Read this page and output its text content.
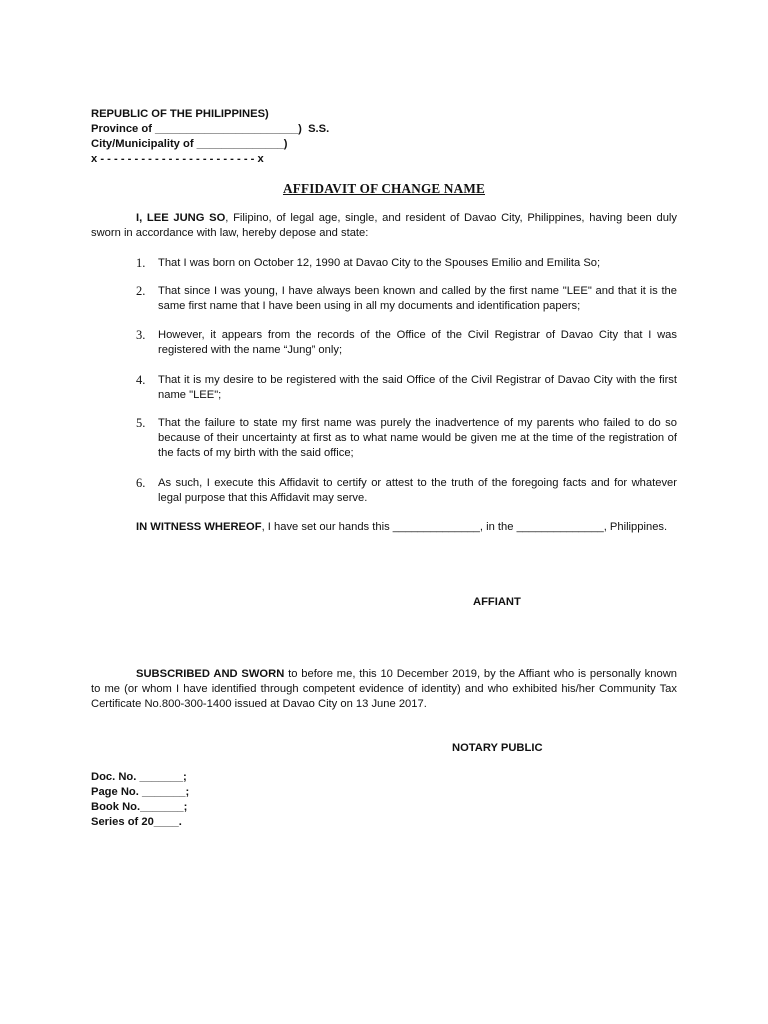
REPUBLIC OF THE PHILIPPINES)
Province of _______________________)  S.S.
City/Municipality of ______________)
x - - - - - - - - - - - - - - - - - - - - - - - x
AFFIDAVIT OF CHANGE NAME
I, LEE JUNG SO, Filipino, of legal age, single, and resident of Davao City, Philippines, having been duly sworn in accordance with law, hereby depose and state:
1. That I was born on October 12, 1990 at Davao City to the Spouses Emilio and Emilita So;
2. That since I was young, I have always been known and called by the first name "LEE" and that it is the same first name that I have been using in all my documents and identification papers;
3. However, it appears from the records of the Office of the Civil Registrar of Davao City that I was registered with the name “Jung” only;
4. That it is my desire to be registered with the said Office of the Civil Registrar of Davao City with the first name "LEE";
5. That the failure to state my first name was purely the inadvertence of my parents who failed to do so because of their uncertainty at first as to what name would be given me at the time of the registration of the facts of my birth with the said office;
6. As such, I execute this Affidavit to certify or attest to the truth of the foregoing facts and for whatever legal purpose that this Affidavit may serve.
IN WITNESS WHEREOF, I have set our hands this ______________, in the ______________, Philippines.
AFFIANT
SUBSCRIBED AND SWORN to before me, this 10 December 2019, by the Affiant who is personally known to me (or whom I have identified through competent evidence of identity) and who exhibited his/her Community Tax Certificate No.800-300-1400 issued at Davao City on 13 June 2017.
NOTARY PUBLIC
Doc. No. _______;
Page No. _______;
Book No._______;
Series of 20____.
